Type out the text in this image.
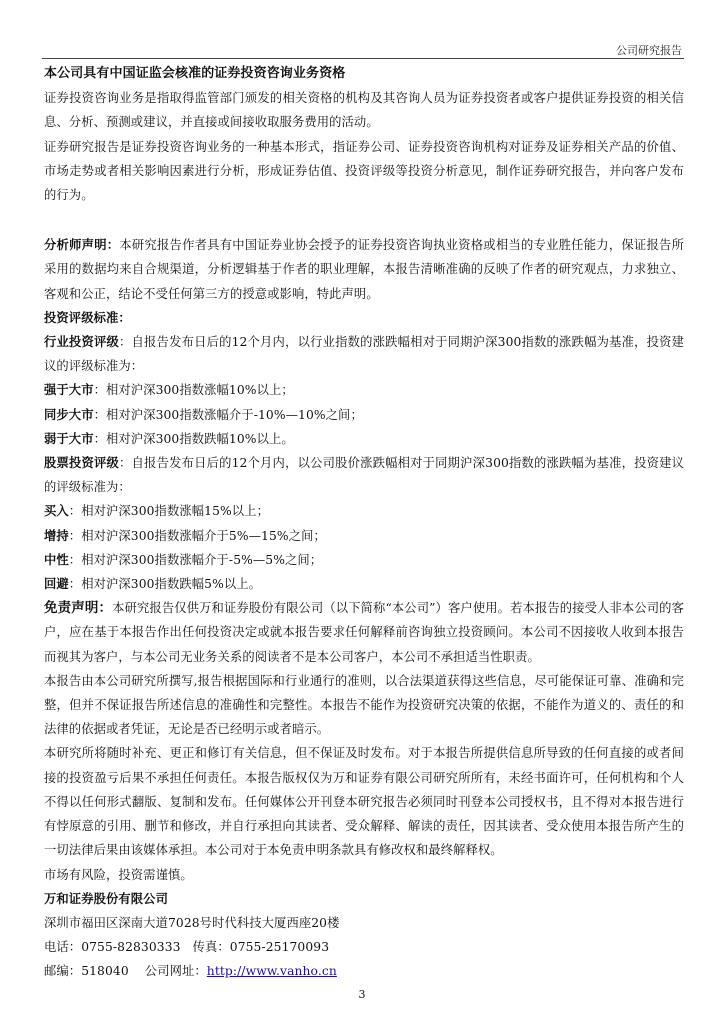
公司研究报告

本公司具有中国证监会核准的证券投资咨询业务资格

证券投资咨询业务是指取得监管部门颁发的相关资格的机构及其咨询人员为证券投资者或客户提供证券投资的相关信息、分析、预测或建议，并直接或间接收取服务费用的活动。

证券研究报告是证券投资咨询业务的一种基本形式，指证券公司、证券投资咨询机构对证券及证券相关产品的价值、市场走势或者相关影响因素进行分析，形成证券估值、投资评级等投资分析意见，制作证券研究报告，并向客户发布的行为。

分析师声明：本研究报告作者具有中国证券业协会授予的证券投资咨询执业资格或相当的专业胜任能力，保证报告所采用的数据均来自合规渠道，分析逻辑基于作者的职业理解，本报告清晰准确的反映了作者的研究观点，力求独立、客观和公正，结论不受任何第三方的授意或影响，特此声明。

投资评级标准：

行业投资评级：自报告发布日后的12个月内，以行业指数的涨跌幅相对于同期沪深300指数的涨跌幅为基准，投资建议的评级标准为：

强于大市：相对沪深300指数涨幅10%以上；

同步大市：相对沪深300指数涨幅介于-10%—10%之间；

弱于大市：相对沪深300指数跌幅10%以上。

股票投资评级：自报告发布日后的12个月内，以公司股价涨跌幅相对于同期沪深300指数的涨跌幅为基准，投资建议的评级标准为：

买入：相对沪深300指数涨幅15%以上；

增持：相对沪深300指数涨幅介于5%—15%之间；

中性：相对沪深300指数涨幅介于-5%—5%之间；

回避：相对沪深300指数跌幅5%以上。

免责声明：本研究报告仅供万和证券股份有限公司（以下简称“本公司”）客户使用。若本报告的接受人非本公司的客户，应在基于本报告作出任何投资决定或就本报告要求任何解释前咨询独立投资顾问。本公司不因接收人收到本报告而视其为客户，与本公司无业务关系的阅读者不是本公司客户，本公司不承担适当性职责。

本报告由本公司研究所撰写,报告根据国际和行业通行的准则，以合法渠道获得这些信息，尽可能保证可靠、准确和完整，但并不保证报告所述信息的准确性和完整性。本报告不能作为投资研究决策的依据，不能作为道义的、责任的和法律的依据或者凭证，无论是否已经明示或者暗示。

本研究所将随时补充、更正和修订有关信息，但不保证及时发布。对于本报告所提供信息所导致的任何直接的或者间接的投资盈亏后果不承担任何责任。本报告版权仅为万和证券有限公司研究所所有，未经书面许可，任何机构和个人不得以任何形式翻版、复制和发布。任何媒体公开刊登本研究报告必须同时刊登本公司授权书，且不得对本报告进行有悖原意的引用、删节和修改，并自行承担向其读者、受众解释、解读的责任，因其读者、受众使用本报告所产生的一切法律后果由该媒体承担。本公司对于本免责申明条款具有修改权和最终解释权。

市场有风险，投资需谨慎。

万和证券股份有限公司

深圳市福田区深南大道7028号时代科技大厦西座20楼

电话：0755-82830333 传真：0755-25170093

邮编：518040 公司网址：http://www.vanho.cn

3
